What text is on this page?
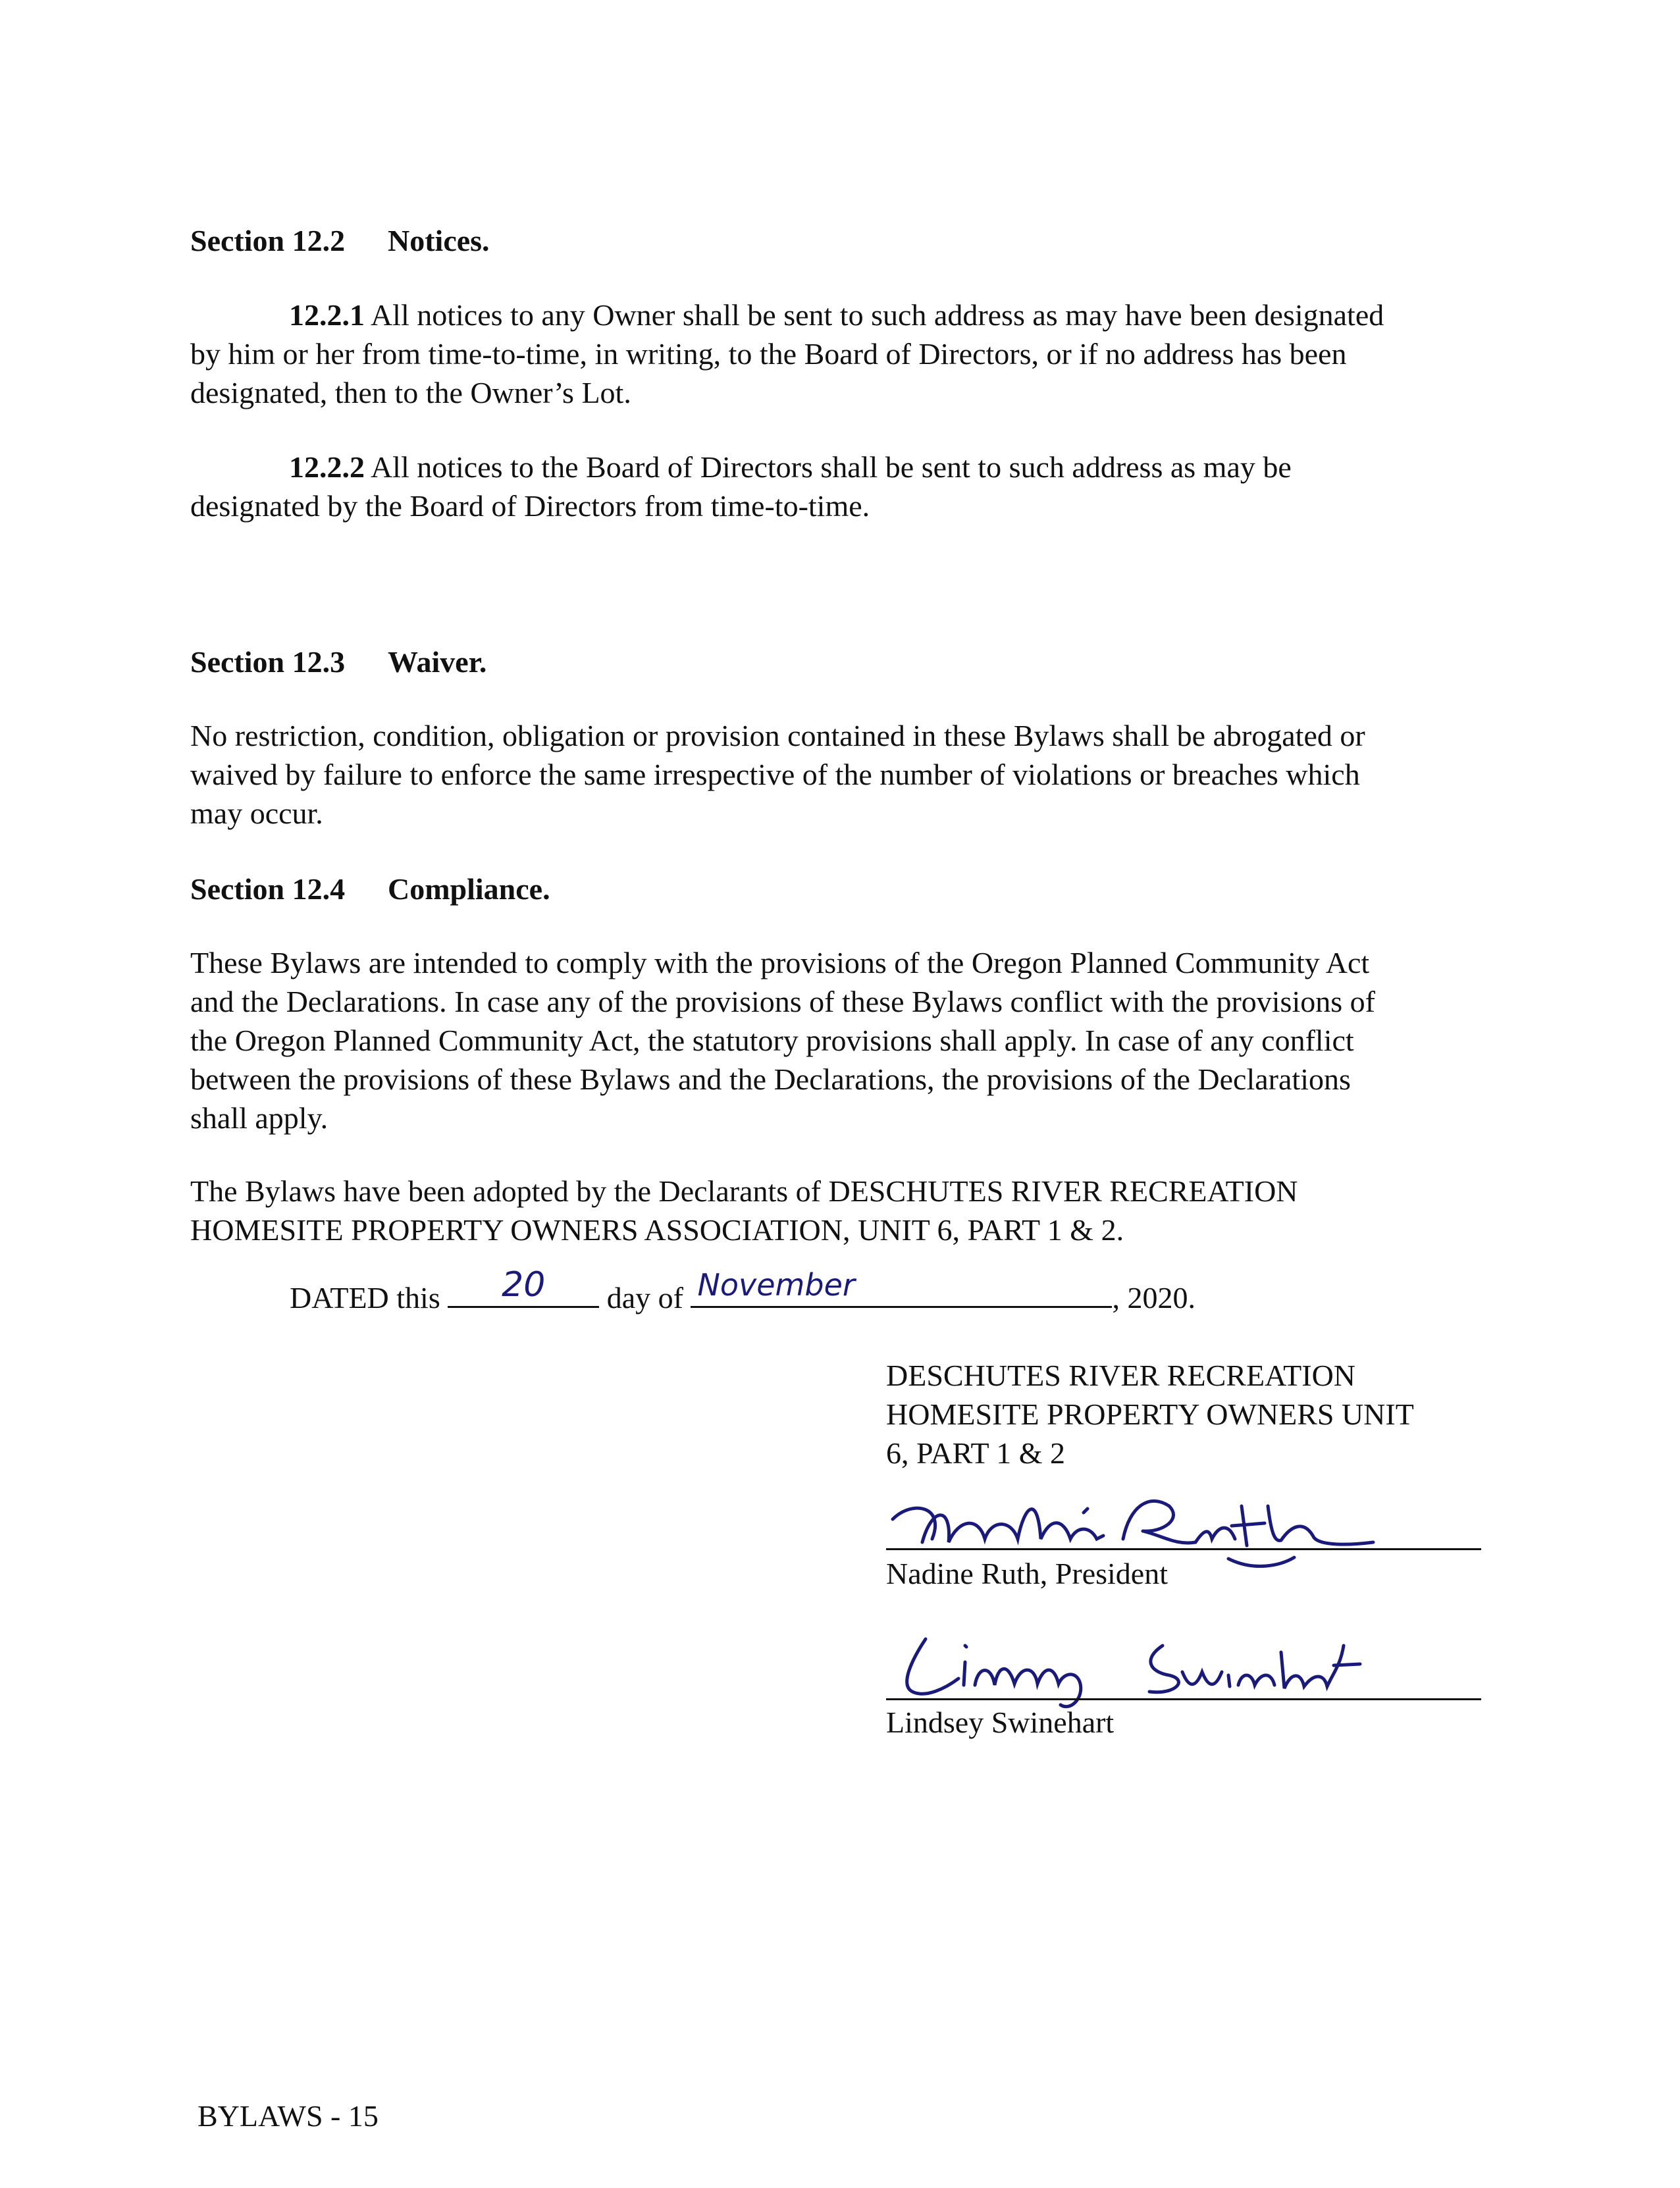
Section 12.2 Notices.
12.2.1 All notices to any Owner shall be sent to such address as may have been designated
by him or her from time-to-time, in writing, to the Board of Directors, or if no address has been
designated, then to the Owner’s Lot.
12.2.2 All notices to the Board of Directors shall be sent to such address as may be
designated by the Board of Directors from time-to-time.
Section 12.3 Waiver.
No restriction, condition, obligation or provision contained in these Bylaws shall be abrogated or
waived by failure to enforce the same irrespective of the number of violations or breaches which
may occur.
Section 12.4 Compliance.
These Bylaws are intended to comply with the provisions of the Oregon Planned Community Act
and the Declarations. In case any of the provisions of these Bylaws conflict with the provisions of
the Oregon Planned Community Act, the statutory provisions shall apply. In case of any conflict
between the provisions of these Bylaws and the Declarations, the provisions of the Declarations
shall apply.
The Bylaws have been adopted by the Declarants of DESCHUTES RIVER RECREATION
HOMESITE PROPERTY OWNERS ASSOCIATION, UNIT 6, PART 1 & 2.
DATED this	20	day of November	, 2020.
DESCHUTES RIVER RECREATION
HOMESITE PROPERTY OWNERS UNIT
6, PART 1 & 2
Nadine Ruth, President
Lindsey Swinehart
BYLAWS - 15
